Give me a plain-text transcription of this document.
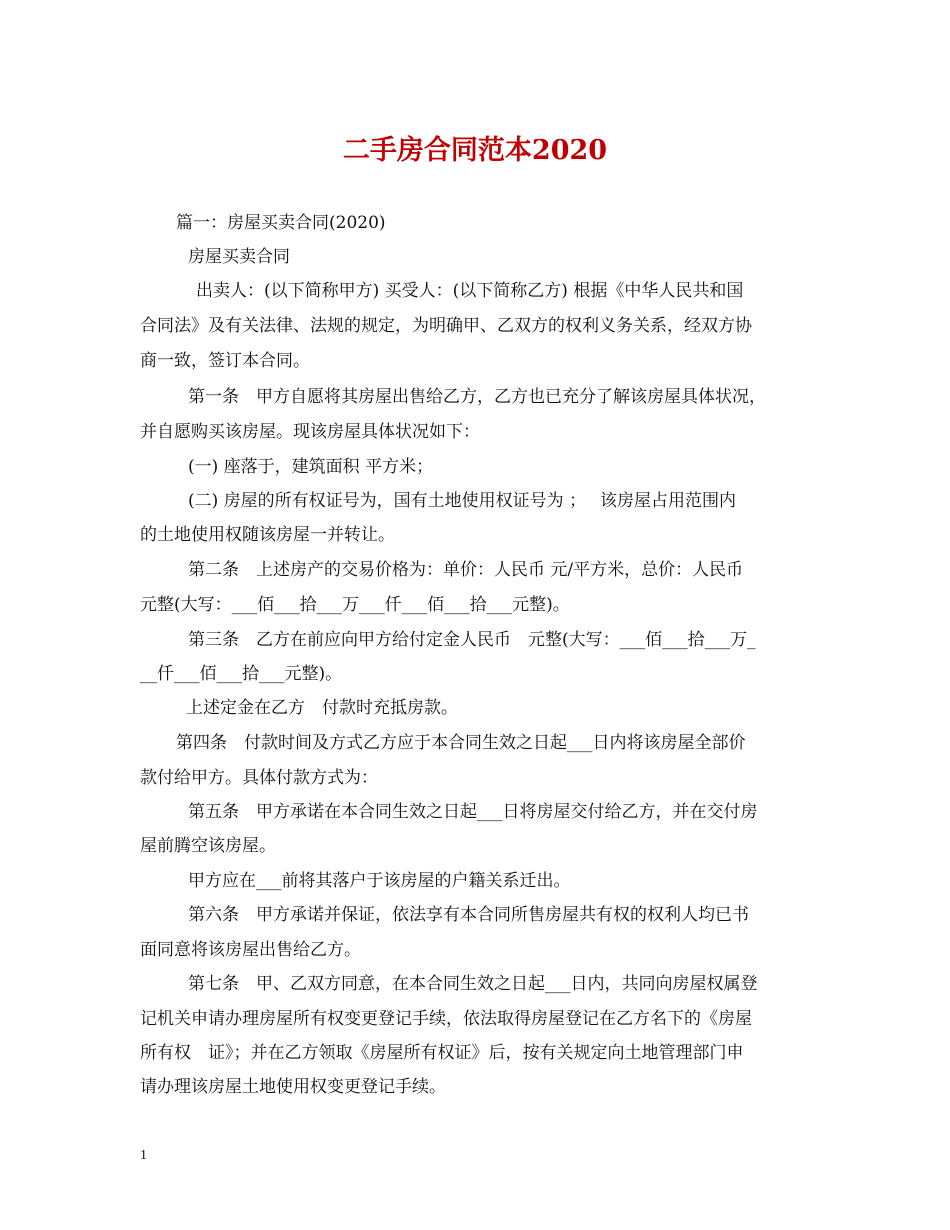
二手房合同范本2020
篇一：房屋买卖合同(2020)
房屋买卖合同
出卖人：(以下简称甲方) 买受人：(以下简称乙方) 根据《中华人民共和国
合同法》及有关法律、法规的规定，为明确甲、乙双方的权利义务关系，经双方协
商一致，签订本合同。
第一条　甲方自愿将其房屋出售给乙方，乙方也已充分了解该房屋具体状况，
并自愿购买该房屋。现该房屋具体状况如下：
(一) 座落于，建筑面积 平方米；
(二) 房屋的所有权证号为，国有土地使用权证号为 ；　 该房屋占用范围内
的土地使用权随该房屋一并转让。
第二条　上述房产的交易价格为：单价：人民币 元/平方米，总价：人民币
元整(大写：___佰___拾___万___仟___佰___拾___元整)。
第三条　乙方在前应向甲方给付定金人民币　元整(大写：___佰___拾___万_
__仟___佰___拾___元整)。
上述定金在乙方　付款时充抵房款。
第四条　付款时间及方式乙方应于本合同生效之日起___日内将该房屋全部价
款付给甲方。具体付款方式为：
第五条　甲方承诺在本合同生效之日起___日将房屋交付给乙方，并在交付房
屋前腾空该房屋。
甲方应在___前将其落户于该房屋的户籍关系迁出。
第六条　甲方承诺并保证，依法享有本合同所售房屋共有权的权利人均已书
面同意将该房屋出售给乙方。
第七条　甲、乙双方同意，在本合同生效之日起___日内，共同向房屋权属登
记机关申请办理房屋所有权变更登记手续，依法取得房屋登记在乙方名下的《房屋
所有权　证》；并在乙方领取《房屋所有权证》后，按有关规定向土地管理部门申
请办理该房屋土地使用权变更登记手续。
1
